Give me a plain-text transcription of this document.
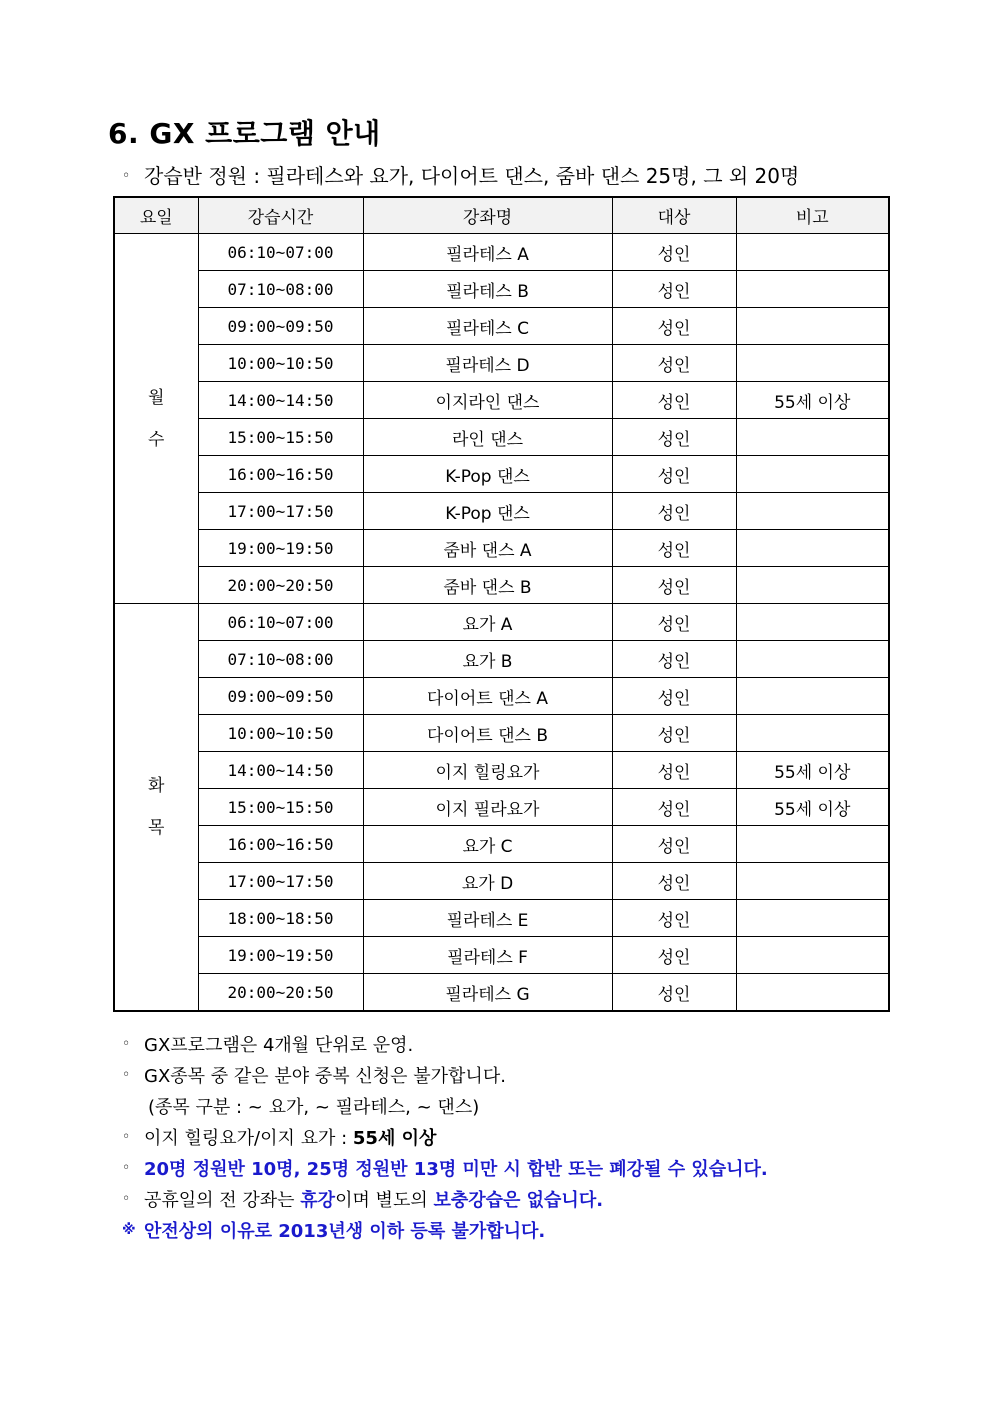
6. GX 프로그램 안내
◦ 강습반 정원 : 필라테스와 요가, 다이어트 댄스, 줌바 댄스 25명, 그 외 20명
요일	강습시간	강좌명	대상	비고

월
수	06:10~07:00	필라테스 A	성인	
	07:10~08:00	필라테스 B	성인	
	09:00~09:50	필라테스 C	성인	
	10:00~10:50	필라테스 D	성인	
	14:00~14:50	이지라인 댄스	성인	55세 이상
	15:00~15:50	라인 댄스	성인	
	16:00~16:50	K-Pop 댄스	성인	
	17:00~17:50	K-Pop 댄스	성인	
	19:00~19:50	줌바 댄스 A	성인	
	20:00~20:50	줌바 댄스 B	성인	

화
목	06:10~07:00	요가 A	성인	
	07:10~08:00	요가 B	성인	
	09:00~09:50	다이어트 댄스 A	성인	
	10:00~10:50	다이어트 댄스 B	성인	
	14:00~14:50	이지 힐링요가	성인	55세 이상
	15:00~15:50	이지 필라요가	성인	55세 이상
	16:00~16:50	요가 C	성인	
	17:00~17:50	요가 D	성인	
	18:00~18:50	필라테스 E	성인	
	19:00~19:50	필라테스 F	성인	
	20:00~20:50	필라테스 G	성인	
◦ GX프로그램은 4개월 단위로 운영.
◦ GX종목 중 같은 분야 중복 신청은 불가합니다.
(종목 구분 : ~ 요가, ~ 필라테스, ~ 댄스)
◦ 이지 힐링요가/이지 요가 : 55세 이상
◦ 20명 정원반 10명, 25명 정원반 13명 미만 시 합반 또는 폐강될 수 있습니다.
◦ 공휴일의 전 강좌는 휴강이며 별도의 보충강습은 없습니다.
※ 안전상의 이유로 2013년생 이하 등록 불가합니다.
